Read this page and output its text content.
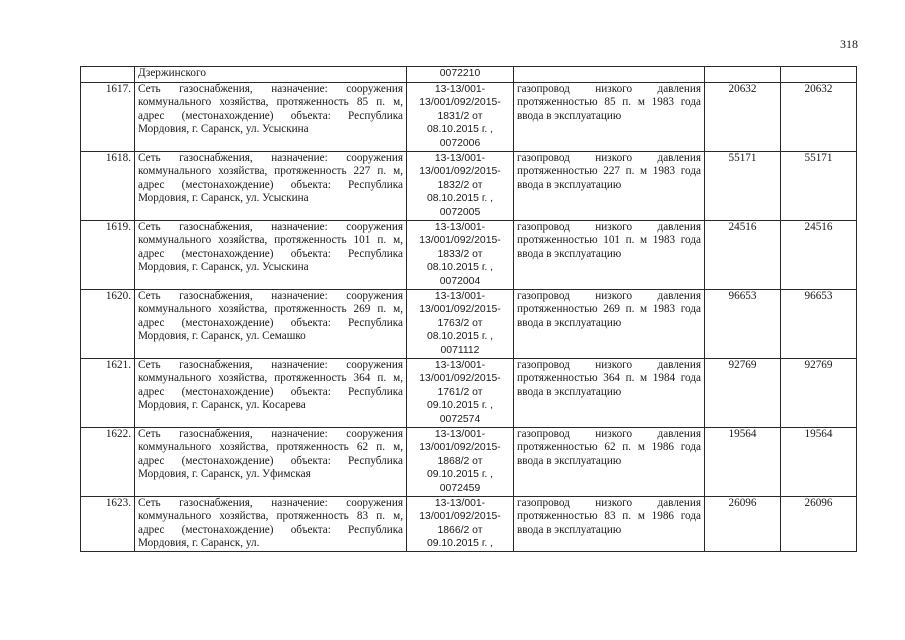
318
	Дзержинского	0072210			
1617.	Сеть газоснабжения, назначение: сооружения коммунального хозяйства, протяженность 85 п. м, адрес (местонахождение) объекта: Республика Мордовия, г. Саранск, ул. Усыскина	13-13/001-
13/001/092/2015-
1831/2 от
08.10.2015 г. ,
0072006	газопровод низкого давления протяженностью 85 п. м 1983 года ввода в эксплуатацию	20632	20632
1618.	Сеть газоснабжения, назначение: сооружения коммунального хозяйства, протяженность 227 п. м, адрес (местонахождение) объекта: Республика Мордовия, г. Саранск, ул. Усыскина	13-13/001-
13/001/092/2015-
1832/2 от
08.10.2015 г. ,
0072005	газопровод низкого давления протяженностью 227 п. м 1983 года ввода в эксплуатацию	55171	55171
1619.	Сеть газоснабжения, назначение: сооружения коммунального хозяйства, протяженность 101 п. м, адрес (местонахождение) объекта: Республика Мордовия, г. Саранск, ул. Усыскина	13-13/001-
13/001/092/2015-
1833/2 от
08.10.2015 г. ,
0072004	газопровод низкого давления протяженностью 101 п. м 1983 года ввода в эксплуатацию	24516	24516
1620.	Сеть газоснабжения, назначение: сооружения коммунального хозяйства, протяженность 269 п. м, адрес (местонахождение) объекта: Республика Мордовия, г. Саранск, ул. Семашко	13-13/001-
13/001/092/2015-
1763/2 от
08.10.2015 г. ,
0071112	газопровод низкого давления протяженностью 269 п. м 1983 года ввода в эксплуатацию	96653	96653
1621.	Сеть газоснабжения, назначение: сооружения коммунального хозяйства, протяженность 364 п. м, адрес (местонахождение) объекта: Республика Мордовия, г. Саранск, ул. Косарева	13-13/001-
13/001/092/2015-
1761/2 от
09.10.2015 г. ,
0072574	газопровод низкого давления протяженностью 364 п. м 1984 года ввода в эксплуатацию	92769	92769
1622.	Сеть газоснабжения, назначение: сооружения коммунального хозяйства, протяженность 62 п. м, адрес (местонахождение) объекта: Республика Мордовия, г. Саранск, ул. Уфимская	13-13/001-
13/001/092/2015-
1868/2 от
09.10.2015 г. ,
0072459	газопровод низкого давления протяженностью 62 п. м 1986 года ввода в эксплуатацию	19564	19564
1623.	Сеть газоснабжения, назначение: сооружения коммунального хозяйства, протяженность 83 п. м, адрес (местонахождение) объекта: Республика Мордовия, г. Саранск, ул.	13-13/001-
13/001/092/2015-
1866/2 от
09.10.2015 г. ,	газопровод низкого давления протяженностью 83 п. м 1986 года ввода в эксплуатацию	26096	26096
